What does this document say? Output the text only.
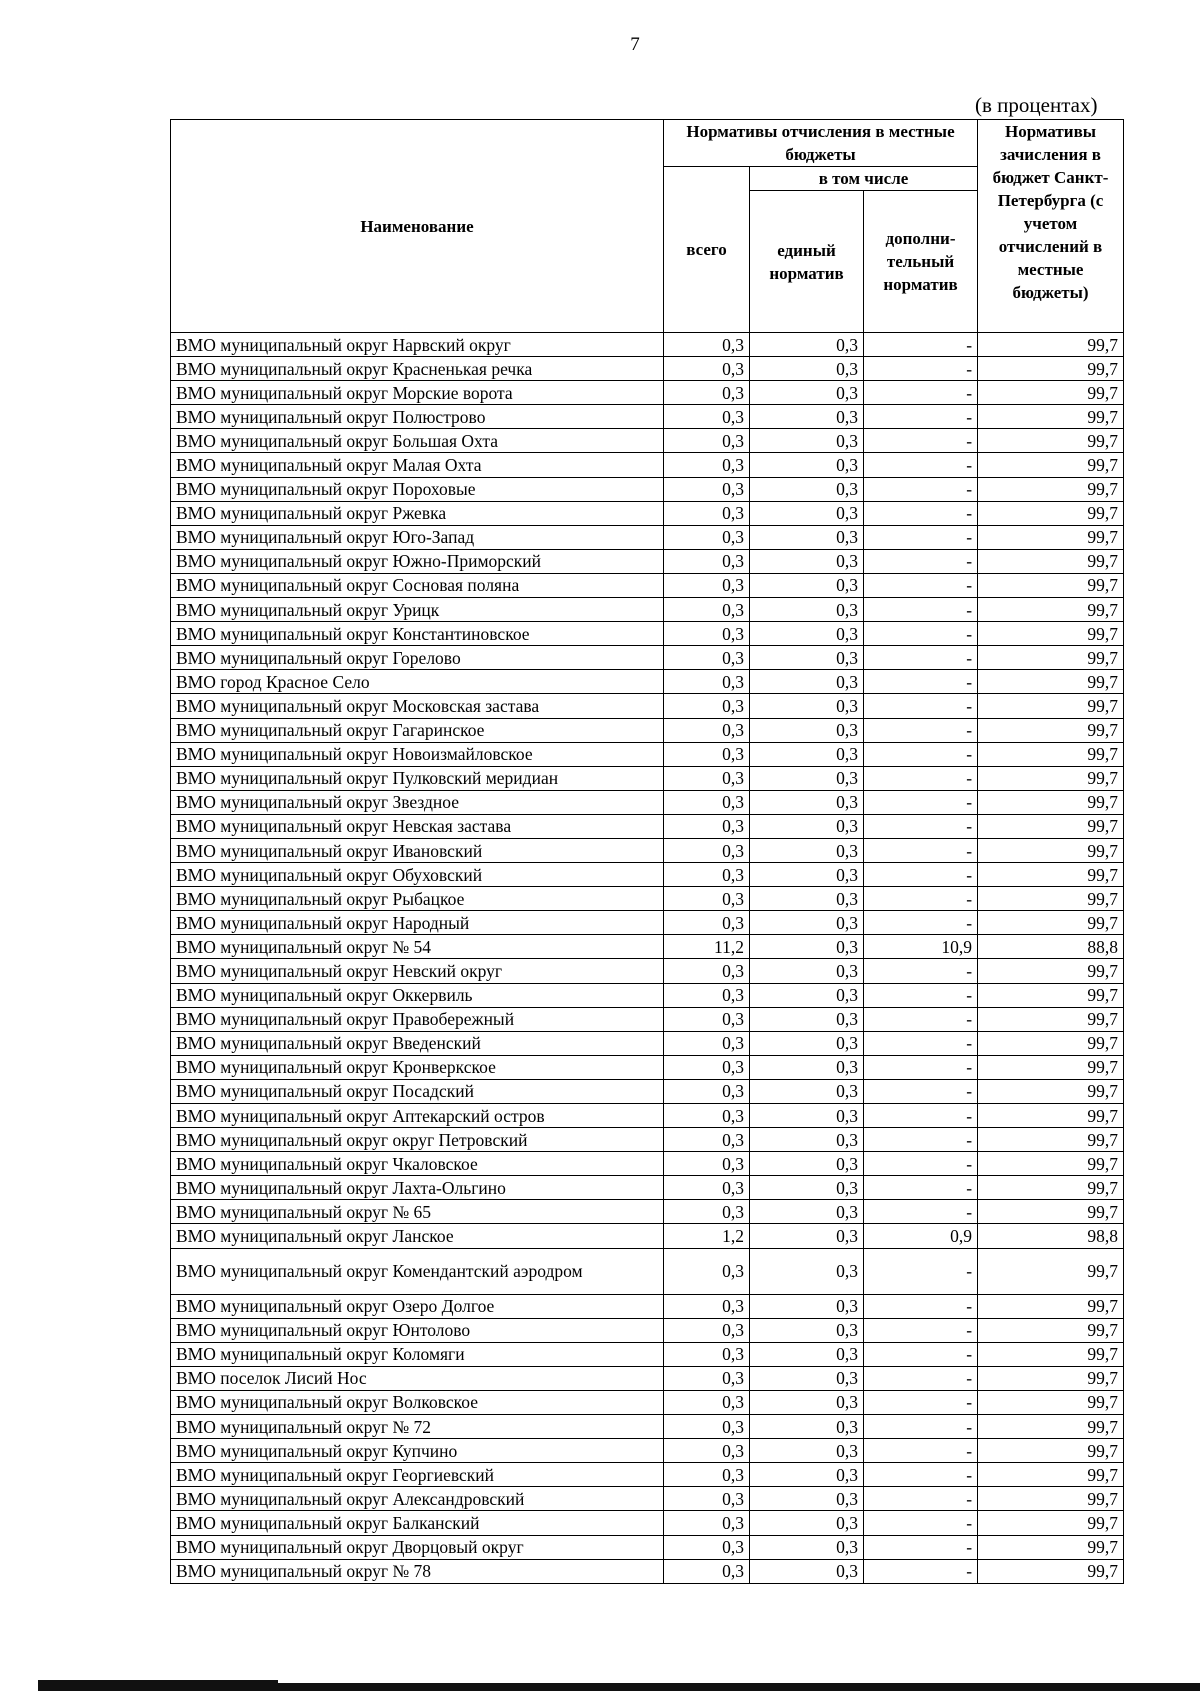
7
(в процентах)
Наименование	Нормативы отчисления в местные бюджеты			Нормативы зачисления в бюджет Санкт-Петербурга (с учетом отчислений в местные бюджеты)
	всего	в том числе		
		единый норматив	дополни-тельный норматив	
ВМО муниципальный округ Нарвский округ	0,3	0,3	-	99,7
ВМО муниципальный округ Красненькая речка	0,3	0,3	-	99,7
ВМО муниципальный округ Морские ворота	0,3	0,3	-	99,7
ВМО муниципальный округ Полюстрово	0,3	0,3	-	99,7
ВМО муниципальный округ Большая Охта	0,3	0,3	-	99,7
ВМО муниципальный округ Малая Охта	0,3	0,3	-	99,7
ВМО муниципальный округ Пороховые	0,3	0,3	-	99,7
ВМО муниципальный округ Ржевка	0,3	0,3	-	99,7
ВМО муниципальный округ Юго-Запад	0,3	0,3	-	99,7
ВМО муниципальный округ Южно-Приморский	0,3	0,3	-	99,7
ВМО муниципальный округ Сосновая поляна	0,3	0,3	-	99,7
ВМО муниципальный округ Урицк	0,3	0,3	-	99,7
ВМО муниципальный округ Константиновское	0,3	0,3	-	99,7
ВМО муниципальный округ Горелово	0,3	0,3	-	99,7
ВМО город Красное Село	0,3	0,3	-	99,7
ВМО муниципальный округ Московская застава	0,3	0,3	-	99,7
ВМО муниципальный округ Гагаринское	0,3	0,3	-	99,7
ВМО муниципальный округ Новоизмайловское	0,3	0,3	-	99,7
ВМО муниципальный округ Пулковский меридиан	0,3	0,3	-	99,7
ВМО муниципальный округ Звездное	0,3	0,3	-	99,7
ВМО муниципальный округ Невская застава	0,3	0,3	-	99,7
ВМО муниципальный округ Ивановский	0,3	0,3	-	99,7
ВМО муниципальный округ Обуховский	0,3	0,3	-	99,7
ВМО муниципальный округ Рыбацкое	0,3	0,3	-	99,7
ВМО муниципальный округ Народный	0,3	0,3	-	99,7
ВМО муниципальный округ № 54	11,2	0,3	10,9	88,8
ВМО муниципальный округ Невский округ	0,3	0,3	-	99,7
ВМО муниципальный округ Оккервиль	0,3	0,3	-	99,7
ВМО муниципальный округ Правобережный	0,3	0,3	-	99,7
ВМО муниципальный округ Введенский	0,3	0,3	-	99,7
ВМО муниципальный округ Кронверкское	0,3	0,3	-	99,7
ВМО муниципальный округ Посадский	0,3	0,3	-	99,7
ВМО муниципальный округ Аптекарский остров	0,3	0,3	-	99,7
ВМО муниципальный округ округ Петровский	0,3	0,3	-	99,7
ВМО муниципальный округ Чкаловское	0,3	0,3	-	99,7
ВМО муниципальный округ Лахта-Ольгино	0,3	0,3	-	99,7
ВМО муниципальный округ № 65	0,3	0,3	-	99,7
ВМО муниципальный округ Ланское	1,2	0,3	0,9	98,8
ВМО муниципальный округ Комендантский аэродром	0,3	0,3	-	99,7
ВМО муниципальный округ Озеро Долгое	0,3	0,3	-	99,7
ВМО муниципальный округ Юнтолово	0,3	0,3	-	99,7
ВМО муниципальный округ Коломяги	0,3	0,3	-	99,7
ВМО поселок Лисий Нос	0,3	0,3	-	99,7
ВМО муниципальный округ Волковское	0,3	0,3	-	99,7
ВМО муниципальный округ № 72	0,3	0,3	-	99,7
ВМО муниципальный округ Купчино	0,3	0,3	-	99,7
ВМО муниципальный округ Георгиевский	0,3	0,3	-	99,7
ВМО муниципальный округ Александровский	0,3	0,3	-	99,7
ВМО муниципальный округ Балканский	0,3	0,3	-	99,7
ВМО муниципальный округ Дворцовый округ	0,3	0,3	-	99,7
ВМО муниципальный округ № 78	0,3	0,3	-	99,7
